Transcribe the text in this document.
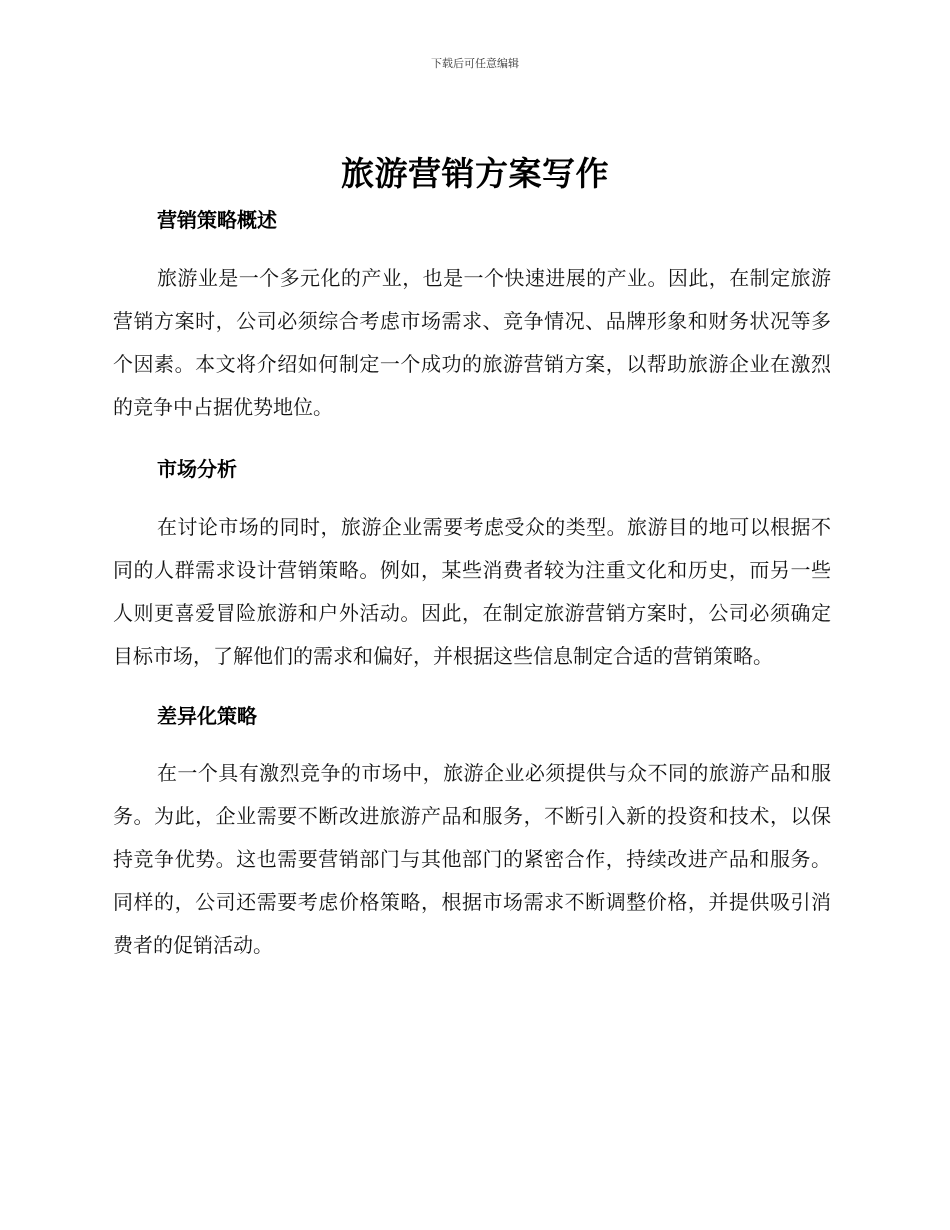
下载后可任意编辑
旅游营销方案写作
营销策略概述

旅游业是一个多元化的产业，也是一个快速进展的产业。因此，在制定旅游营销方案时，公司必须综合考虑市场需求、竞争情况、品牌形象和财务状况等多个因素。本文将介绍如何制定一个成功的旅游营销方案，以帮助旅游企业在激烈的竞争中占据优势地位。

市场分析

在讨论市场的同时，旅游企业需要考虑受众的类型。旅游目的地可以根据不同的人群需求设计营销策略。例如，某些消费者较为注重文化和历史，而另一些人则更喜爱冒险旅游和户外活动。因此，在制定旅游营销方案时，公司必须确定目标市场，了解他们的需求和偏好，并根据这些信息制定合适的营销策略。

差异化策略

在一个具有激烈竞争的市场中，旅游企业必须提供与众不同的旅游产品和服务。为此，企业需要不断改进旅游产品和服务，不断引入新的投资和技术，以保持竞争优势。这也需要营销部门与其他部门的紧密合作，持续改进产品和服务。同样的，公司还需要考虑价格策略，根据市场需求不断调整价格，并提供吸引消费者的促销活动。
